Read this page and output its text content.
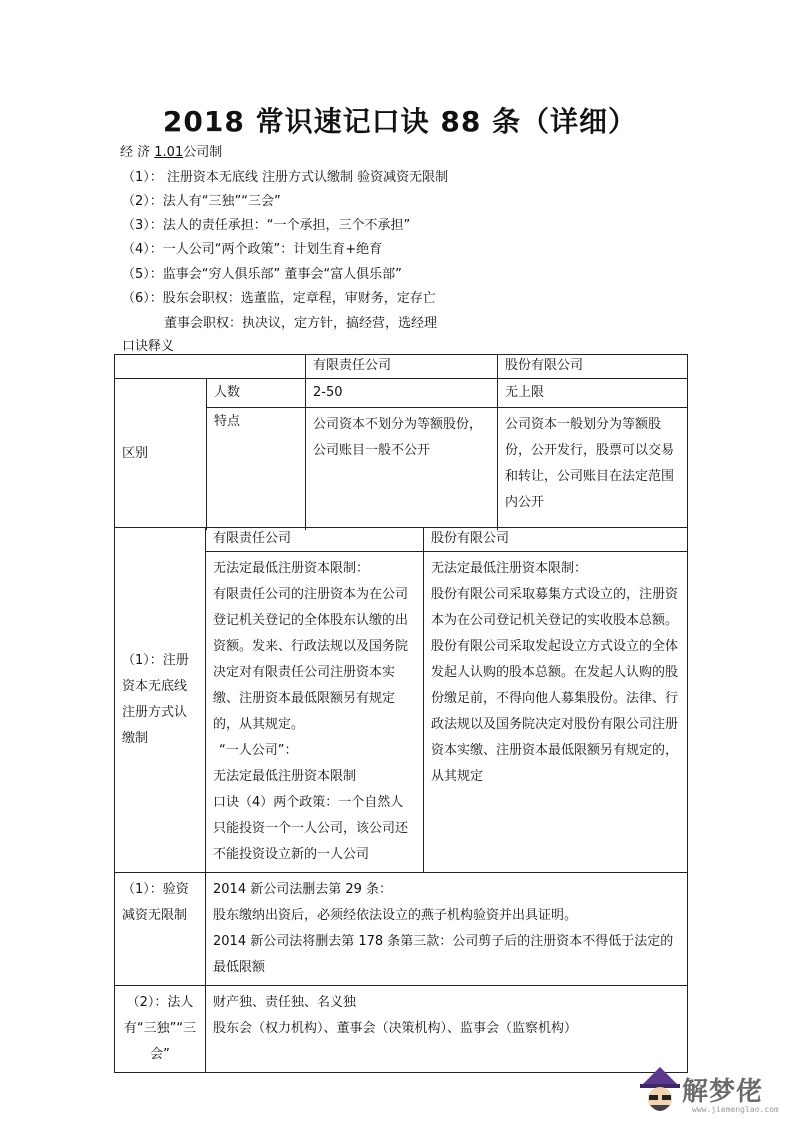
2018 常识速记口诀 88 条（详细）
经 济 1.01公司制
（1）： 注册资本无底线 注册方式认缴制 验资减资无限制
（2）：法人有“三独”“三会”
（3）：法人的责任承担：“一个承担，三个不承担”
（4）：一人公司“两个政策”：计划生育+绝育
（5）：监事会“穷人俱乐部” 董事会“富人俱乐部”
（6）：股东会职权：选董监，定章程，审财务，定存亡
董事会职权：执决议，定方针，搞经营，选经理
口诀释义
		有限责任公司	股份有限公司
区别	人数	2-50	无上限
	特点	公司资本不划分为等额股份，公司账目一般不公开	公司资本一般划分为等额股份，公开发行，股票可以交易和转让，公司账目在法定范围内公开
（1）：注册资本无底线 注册方式认缴制	有限责任公司	股份有限公司

	无法定最低注册资本限制：
有限责任公司的注册资本为在公司登记机关登记的全体股东认缴的出资额。发来、行政法规以及国务院决定对有限责任公司注册资本实缴、注册资本最低限额另有规定的，从其规定。
“一人公司”：
无法定最低注册资本限制
口诀（4）两个政策：一个自然人只能投资一个一人公司，该公司还不能投资设立新的一人公司	无法定最低注册资本限制：
股份有限公司采取募集方式设立的，注册资本为在公司登记机关登记的实收股本总额。股份有限公司采取发起设立方式设立的全体发起人认购的股本总额。在发起人认购的股份缴足前，不得向他人募集股份。法律、行政法规以及国务院决定对股份有限公司注册资本实缴、注册资本最低限额另有规定的，从其规定

（1）：验资减资无限制	2014 新公司法删去第 29 条：
股东缴纳出资后，必须经依法设立的燕子机构验资并出具证明。
2014 新公司法将删去第 178 条第三款：公司剪子后的注册资本不得低于法定的最低限额	

（2）：法人有“三独”“三会”	财产独、责任独、名义独
股东会（权力机构）、董事会（决策机构）、监事会（监察机构）	
解梦佬
www.jiemenglao.com
